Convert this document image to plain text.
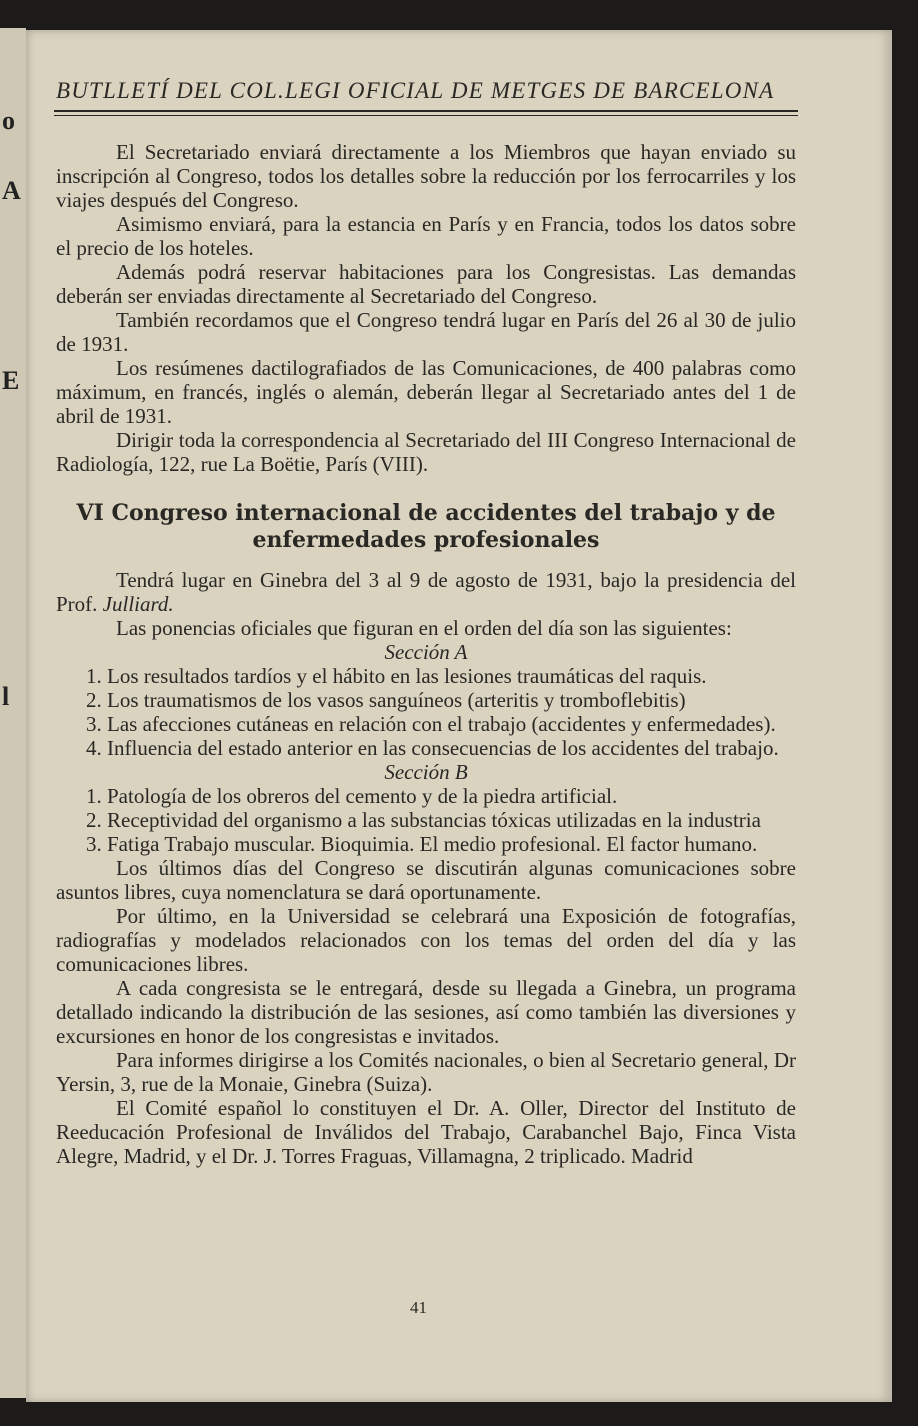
o
A
E
l
BUTLLETÍ DEL COL.LEGI OFICIAL DE METGES DE BARCELONA

El Secretariado enviará directamente a los Miembros que hayan enviado su inscripción al Congreso, todos los detalles sobre la reducción por los ferrocarriles y los viajes después del Congreso.

Asimismo enviará, para la estancia en París y en Francia, todos los datos sobre el precio de los hoteles.

Además podrá reservar habitaciones para los Congresistas. Las demandas deberán ser enviadas directamente al Secretariado del Congreso.

También recordamos que el Congreso tendrá lugar en París del 26 al 30 de julio de 1931.

Los resúmenes dactilografiados de las Comunicaciones, de 400 palabras como máximum, en francés, inglés o alemán, deberán llegar al Secretariado antes del 1 de abril de 1931.

Dirigir toda la correspondencia al Secretariado del III Congreso Internacional de Radiología, 122, rue La Boëtie, París (VIII).

VI Congreso internacional de accidentes del trabajo y de
enfermedades profesionales

Tendrá lugar en Ginebra del 3 al 9 de agosto de 1931, bajo la presidencia del Prof. Julliard.

Las ponencias oficiales que figuran en el orden del día son las siguientes:

Sección A

1. Los resultados tardíos y el hábito en las lesiones traumáticas del raquis.

2. Los traumatismos de los vasos sanguíneos (arteritis y tromboflebitis)

3. Las afecciones cutáneas en relación con el trabajo (accidentes y enfermedades).

4. Influencia del estado anterior en las consecuencias de los accidentes del trabajo.

Sección B

1. Patología de los obreros del cemento y de la piedra artificial.

2. Receptividad del organismo a las substancias tóxicas utilizadas en la industria

3. Fatiga Trabajo muscular. Bioquimia. El medio profesional. El factor humano.

Los últimos días del Congreso se discutirán algunas comunicaciones sobre asuntos libres, cuya nomenclatura se dará oportunamente.

Por último, en la Universidad se celebrará una Exposición de fotografías, radiografías y modelados relacionados con los temas del orden del día y las comunicaciones libres.

A cada congresista se le entregará, desde su llegada a Ginebra, un programa detallado indicando la distribución de las sesiones, así como también las diversiones y excursiones en honor de los congresistas e invitados.

Para informes dirigirse a los Comités nacionales, o bien al Secretario general, Dr Yersin, 3, rue de la Monaie, Ginebra (Suiza).

El Comité español lo constituyen el Dr. A. Oller, Director del Instituto de Reeducación Profesional de Inválidos del Trabajo, Carabanchel Bajo, Finca Vista Alegre, Madrid, y el Dr. J. Torres Fraguas, Villamagna, 2 triplicado. Madrid

41
